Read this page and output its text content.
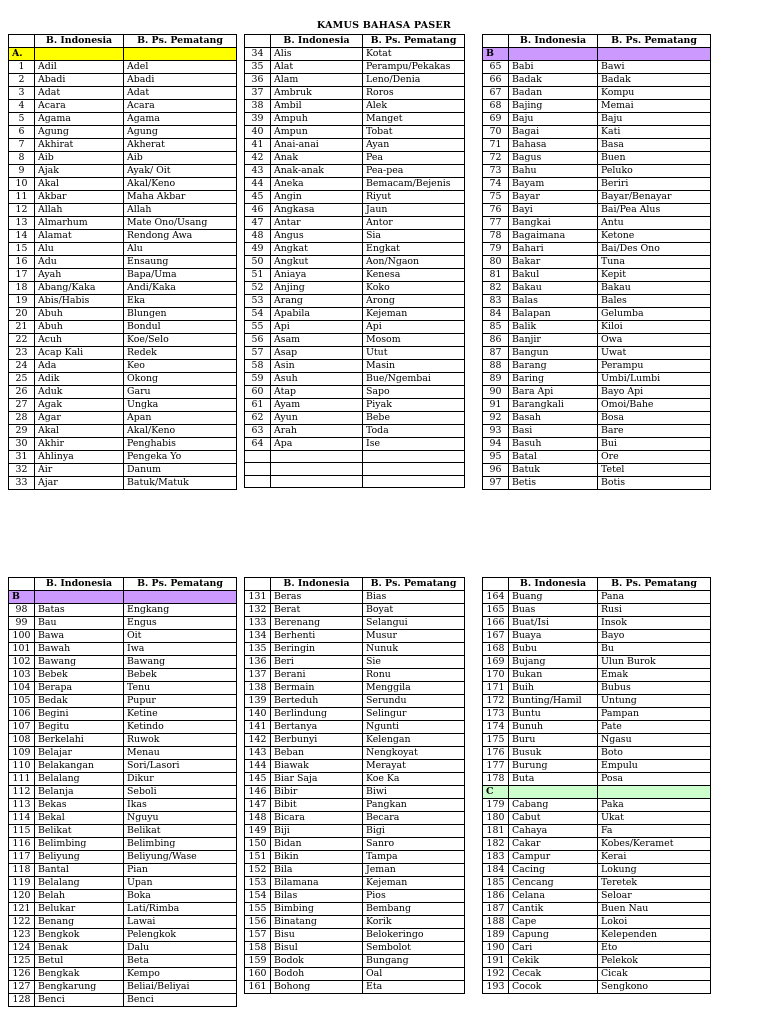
KAMUS BAHASA PASER
	B. Indonesia	B. Ps. Pematang
A.		
1	Adil	Adel
2	Abadi	Abadi
3	Adat	Adat
4	Acara	Acara
5	Agama	Agama
6	Agung	Agung
7	Akhirat	Akherat
8	Aib	Aib
9	Ajak	Ayak/ Oit
10	Akal	Akal/Keno
11	Akbar	Maha Akbar
12	Allah	Allah
13	Almarhum	Mate Ono/Usang
14	Alamat	Rendong Awa
15	Alu	Alu
16	Adu	Ensaung
17	Ayah	Bapa/Uma
18	Abang/Kaka	Andi/Kaka
19	Abis/Habis	Eka
20	Abuh	Blungen
21	Abuh	Bondul
22	Acuh	Koe/Selo
23	Acap Kali	Redek
24	Ada	Keo
25	Adik	Okong
26	Aduk	Garu
27	Agak	Ungka
28	Agar	Apan
29	Akal	Akal/Keno
30	Akhir	Penghabis
31	Ahlinya	Pengeka Yo
32	Air	Danum
33	Ajar	Batuk/Matuk
	B. Indonesia	B. Ps. Pematang
34	Alis	Kotat
35	Alat	Perampu/Pekakas
36	Alam	Leno/Denia
37	Ambruk	Roros
38	Ambil	Alek
39	Ampuh	Manget
40	Ampun	Tobat
41	Anai-anai	Ayan
42	Anak	Pea
43	Anak-anak	Pea-pea
44	Aneka	Bemacam/Bejenis
45	Angin	Riyut
46	Angkasa	Jaun
47	Antar	Antor
48	Angus	Sia
49	Angkat	Engkat
50	Angkut	Aon/Ngaon
51	Aniaya	Kenesa
52	Anjing	Koko
53	Arang	Arong
54	Apabila	Kejeman
55	Api	Api
56	Asam	Mosom
57	Asap	Utut
58	Asin	Masin
59	Asuh	Bue/Ngembai
60	Atap	Sapo
61	Ayam	Piyak
62	Ayun	Bebe
63	Arah	Toda
64	Apa	Ise

	B. Indonesia	B. Ps. Pematang
B		
65	Babi	Bawi
66	Badak	Badak
67	Badan	Kompu
68	Bajing	Memai
69	Baju	Baju
70	Bagai	Kati
71	Bahasa	Basa
72	Bagus	Buen
73	Bahu	Peluko
74	Bayam	Beriri
75	Bayar	Bayar/Benayar
76	Bayi	Bai/Pea Alus
77	Bangkai	Antu
78	Bagaimana	Ketone
79	Bahari	Bai/Des Ono
80	Bakar	Tuna
81	Bakul	Kepit
82	Bakau	Bakau
83	Balas	Bales
84	Balapan	Gelumba
85	Balik	Kiloi
86	Banjir	Owa
87	Bangun	Uwat
88	Barang	Perampu
89	Baring	Umbi/Lumbi
90	Bara Api	Bayo Api
91	Barangkali	Omoi/Bahe
92	Basah	Bosa
93	Basi	Bare
94	Basuh	Bui
95	Batal	Ore
96	Batuk	Tetel
97	Betis	Botis
	B. Indonesia	B. Ps. Pematang
B		
98	Batas	Engkang
99	Bau	Engus
100	Bawa	Oit
101	Bawah	Iwa
102	Bawang	Bawang
103	Bebek	Bebek
104	Berapa	Tenu
105	Bedak	Pupur
106	Begini	Ketine
107	Begitu	Ketindo
108	Berkelahi	Ruwok
109	Belajar	Menau
110	Belakangan	Sori/Lasori
111	Belalang	Dikur
112	Belanja	Seboli
113	Bekas	Ikas
114	Bekal	Nguyu
115	Belikat	Belikat
116	Belimbing	Belimbing
117	Beliyung	Beliyung/Wase
118	Bantal	Pian
119	Belalang	Upan
120	Belah	Boka
121	Belukar	Lati/Rimba
122	Benang	Lawai
123	Bengkok	Pelengkok
124	Benak	Dalu
125	Betul	Beta
126	Bengkak	Kempo
127	Bengkarung	Beliai/Beliyai
128	Benci	Benci
	B. Indonesia	B. Ps. Pematang
131	Beras	Bias
132	Berat	Boyat
133	Berenang	Selangui
134	Berhenti	Musur
135	Beringin	Nunuk
136	Beri	Sie
137	Berani	Ronu
138	Bermain	Menggila
139	Berteduh	Serundu
140	Berlindung	Selingur
141	Bertanya	Ngunti
142	Berbunyi	Kelengan
143	Beban	Nengkoyat
144	Biawak	Merayat
145	Biar Saja	Koe Ka
146	Bibir	Biwi
147	Bibit	Pangkan
148	Bicara	Becara
149	Biji	Bigi
150	Bidan	Sanro
151	Bikin	Tampa
152	Bila	Jeman
153	Bilamana	Kejeman
154	Bilas	Pios
155	Bimbing	Bembang
156	Binatang	Korik
157	Bisu	Belokeringo
158	Bisul	Sembolot
159	Bodok	Bungang
160	Bodoh	Oal
161	Bohong	Eta
	B. Indonesia	B. Ps. Pematang
164	Buang	Pana
165	Buas	Rusi
166	Buat/Isi	Insok
167	Buaya	Bayo
168	Bubu	Bu
169	Bujang	Ulun Burok
170	Bukan	Emak
171	Buih	Bubus
172	Bunting/Hamil	Untung
173	Buntu	Pampan
174	Bunuh	Pate
175	Buru	Ngasu
176	Busuk	Boto
177	Burung	Empulu
178	Buta	Posa
C		
179	Cabang	Paka
180	Cabut	Ukat
181	Cahaya	Fa
182	Cakar	Kobes/Keramet
183	Campur	Kerai
184	Cacing	Lokung
185	Cencang	Teretek
186	Celana	Seloar
187	Cantik	Buen Nau
188	Cape	Lokoi
189	Capung	Kelependen
190	Cari	Eto
191	Cekik	Pelekok
192	Cecak	Cicak
193	Cocok	Sengkono
